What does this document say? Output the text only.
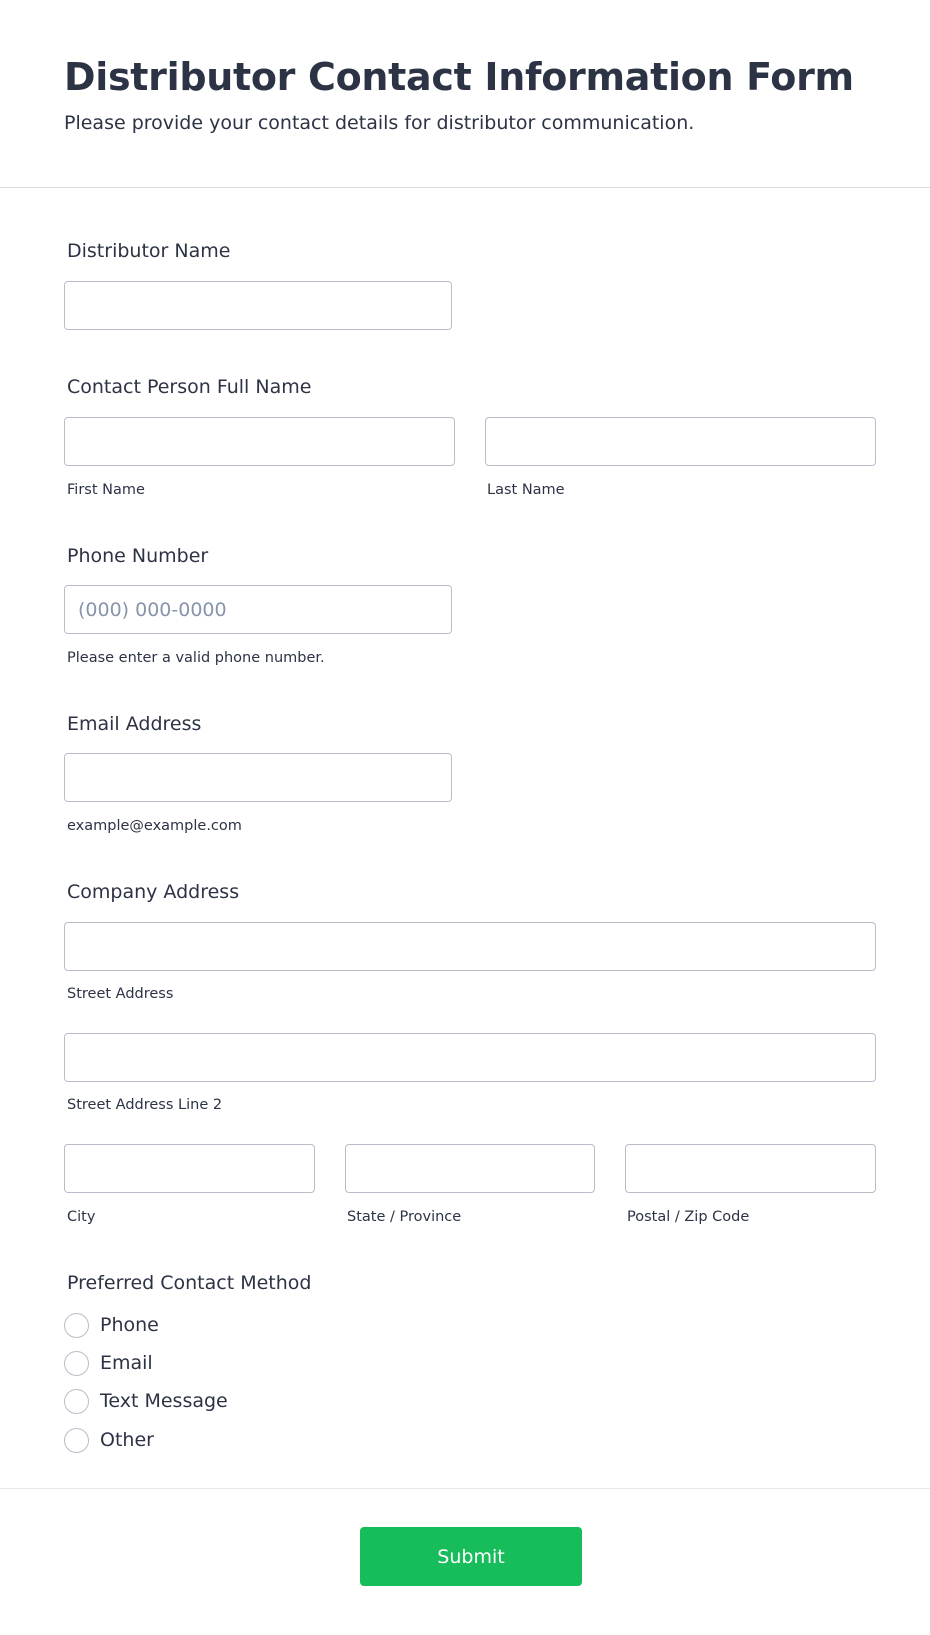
Distributor Contact Information Form

Please provide your contact details for distributor communication.

Distributor Name
Contact Person Full Name
First Name	Last Name
Phone Number
(000) 000-0000
Please enter a valid phone number.
Email Address
example@example.com
Company Address
Street Address
Street Address Line 2
City	State / Province	Postal / Zip Code
Preferred Contact Method
Phone
Email
Text Message
Other
Submit
